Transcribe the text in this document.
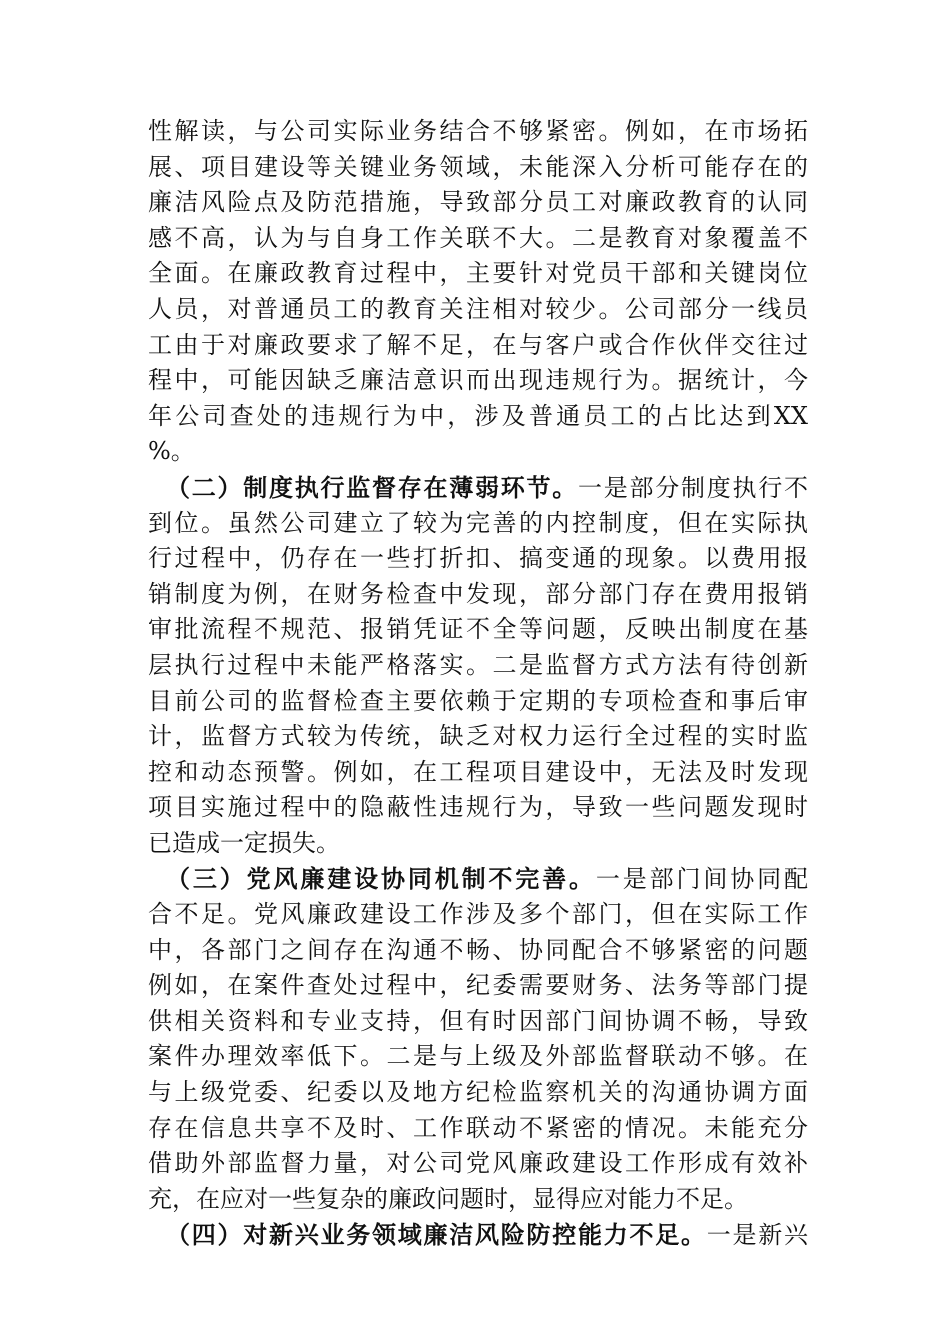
性解读，与公司实际业务结合不够紧密。例如，在市场拓
展、项目建设等关键业务领域，未能深入分析可能存在的
廉洁风险点及防范措施，导致部分员工对廉政教育的认同
感不高，认为与自身工作关联不大。二是教育对象覆盖不
全面。在廉政教育过程中，主要针对党员干部和关键岗位
人员，对普通员工的教育关注相对较少。公司部分一线员
工由于对廉政要求了解不足，在与客户或合作伙伴交往过
程中，可能因缺乏廉洁意识而出现违规行为。据统计，今
年公司查处的违规行为中，涉及普通员工的占比达到XX
%。
（二）制度执行监督存在薄弱环节。一是部分制度执行不
到位。虽然公司建立了较为完善的内控制度，但在实际执
行过程中，仍存在一些打折扣、搞变通的现象。以费用报
销制度为例，在财务检查中发现，部分部门存在费用报销
审批流程不规范、报销凭证不全等问题，反映出制度在基
层执行过程中未能严格落实。二是监督方式方法有待创新
目前公司的监督检查主要依赖于定期的专项检查和事后审
计，监督方式较为传统，缺乏对权力运行全过程的实时监
控和动态预警。例如，在工程项目建设中，无法及时发现
项目实施过程中的隐蔽性违规行为，导致一些问题发现时
已造成一定损失。
（三）党风廉建设协同机制不完善。一是部门间协同配
合不足。党风廉政建设工作涉及多个部门，但在实际工作
中，各部门之间存在沟通不畅、协同配合不够紧密的问题
例如，在案件查处过程中，纪委需要财务、法务等部门提
供相关资料和专业支持，但有时因部门间协调不畅，导致
案件办理效率低下。二是与上级及外部监督联动不够。在
与上级党委、纪委以及地方纪检监察机关的沟通协调方面
存在信息共享不及时、工作联动不紧密的情况。未能充分
借助外部监督力量，对公司党风廉政建设工作形成有效补
充，在应对一些复杂的廉政问题时，显得应对能力不足。
（四）对新兴业务领域廉洁风险防控能力不足。一是新兴
